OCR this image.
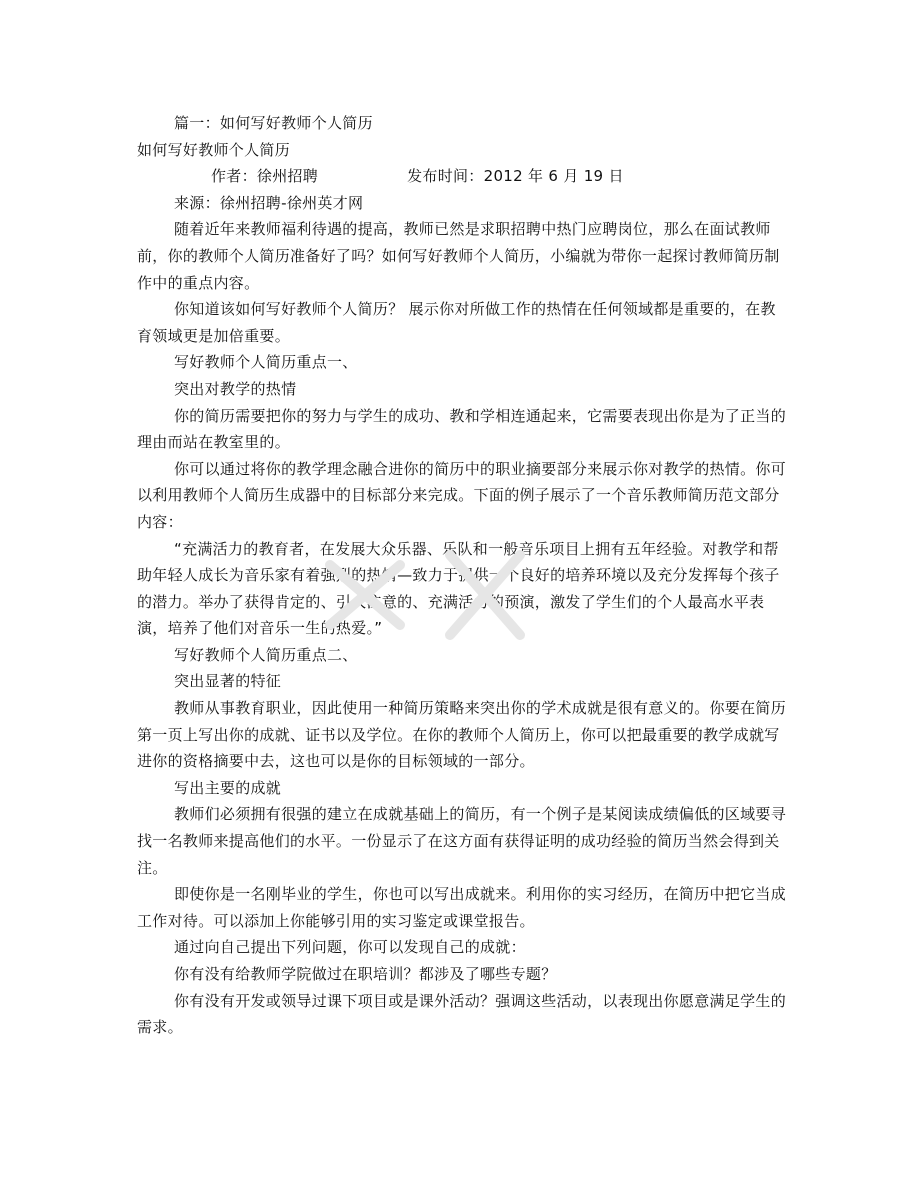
篇一：如何写好教师个人简历

如何写好教师个人简历

作者：徐州招聘	发布时间：2012 年 6 月 19 日来源：徐州招聘-徐州英才网

随着近年来教师福利待遇的提高，教师已然是求职招聘中热门应聘岗位，那么在面试教师前，你的教师个人简历准备好了吗？如何写好教师个人简历，小编就为带你一起探讨教师简历制作中的重点内容。

你知道该如何写好教师个人简历？ 展示你对所做工作的热情在任何领域都是重要的，在教育领域更是加倍重要。

写好教师个人简历重点一、

突出对教学的热情

你的简历需要把你的努力与学生的成功、教和学相连通起来，它需要表现出你是为了正当的理由而站在教室里的。

你可以通过将你的教学理念融合进你的简历中的职业摘要部分来展示你对教学的热情。你可以利用教师个人简历生成器中的目标部分来完成。下面的例子展示了一个音乐教师简历范文部分内容：

“充满活力的教育者，在发展大众乐器、乐队和一般音乐项目上拥有五年经验。对教学和帮助年轻人成长为音乐家有着强烈的热情—致力于提供一个良好的培养环境以及充分发挥每个孩子的潜力。举办了获得肯定的、引人注意的、充满活力的预演，激发了学生们的个人最高水平表演，培养了他们对音乐一生的热爱。”

写好教师个人简历重点二、

突出显著的特征

教师从事教育职业，因此使用一种简历策略来突出你的学术成就是很有意义的。你要在简历第一页上写出你的成就、证书以及学位。在你的教师个人简历上，你可以把最重要的教学成就写进你的资格摘要中去，这也可以是你的目标领域的一部分。

写出主要的成就

教师们必须拥有很强的建立在成就基础上的简历，有一个例子是某阅读成绩偏低的区域要寻找一名教师来提高他们的水平。一份显示了在这方面有获得证明的成功经验的简历当然会得到关注。

即使你是一名刚毕业的学生，你也可以写出成就来。利用你的实习经历，在简历中把它当成工作对待。可以添加上你能够引用的实习鉴定或课堂报告。

通过向自己提出下列问题，你可以发现自己的成就：

你有没有给教师学院做过在职培训？都涉及了哪些专题？

你有没有开发或领导过课下项目或是课外活动？强调这些活动，以表现出你愿意满足学生的需求。
